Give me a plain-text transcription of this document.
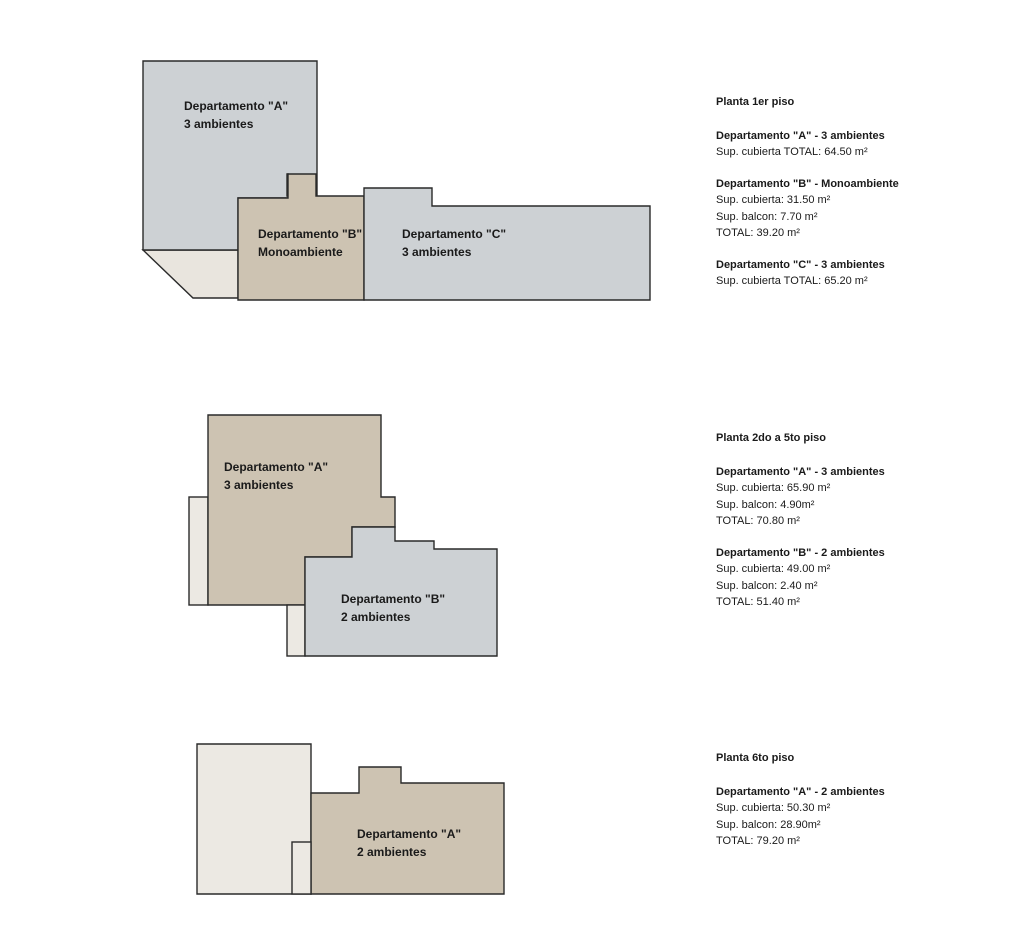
Departamento "A"
3 ambientes
Departamento "B"
Monoambiente
Departamento "C"
3 ambientes
Departamento "A"
3 ambientes
Departamento "B"
2 ambientes
Departamento "A"
2 ambientes
Planta 1er piso
Departamento "A" - 3 ambientes
Sup. cubierta TOTAL: 64.50 m²
Departamento "B" - Monoambiente
Sup. cubierta: 31.50 m²
Sup. balcon: 7.70 m²
TOTAL: 39.20 m²
Departamento "C" - 3 ambientes
Sup. cubierta TOTAL: 65.20 m²
Planta 2do a 5to piso
Departamento "A" - 3 ambientes
Sup. cubierta: 65.90 m²
Sup. balcon: 4.90m²
TOTAL: 70.80 m²
Departamento "B" - 2 ambientes
Sup. cubierta: 49.00 m²
Sup. balcon: 2.40 m²
TOTAL: 51.40 m²
Planta 6to piso
Departamento "A" - 2 ambientes
Sup. cubierta: 50.30 m²
Sup. balcon: 28.90m²
TOTAL: 79.20 m²
